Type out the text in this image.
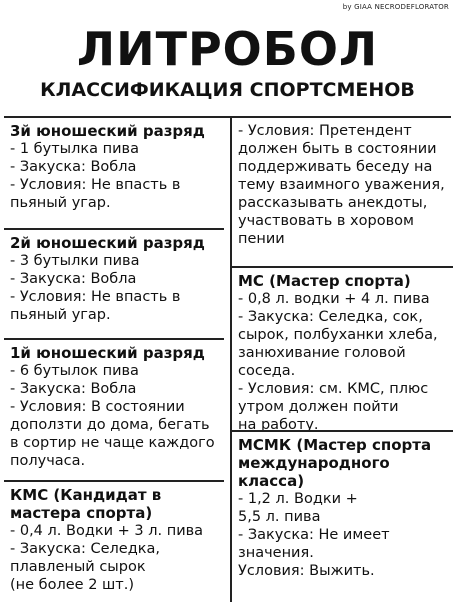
by GIAA NECRODEFLORATOR
ЛИТРОБОЛ
КЛАССИФИКАЦИЯ СПОРТСМЕНОВ
3й юношеский разряд
- 1 бутылка пива
- Закуска: Вобла
- Условия: Не впасть в
пьяный угар.
2й юношеский разряд
- 3 бутылки пива
- Закуска: Вобла
- Условия: Не впасть в
пьяный угар.
1й юношеский разряд
- 6 бутылок пива
- Закуска: Вобла
- Условия: В состоянии
доползти до дома, бегать
в сортир не чаще каждого
получаса.
КМС (Кандидат в
мастера спорта)
- 0,4 л. Водки + 3 л. пива
- Закуска: Селедка,
плавленый сырок
(не более 2 шт.)
- Условия: Претендент
должен быть в состоянии
поддерживать беседу на
тему взаимного уважения,
рассказывать анекдоты,
участвовать в хоровом
пении
МС (Мастер спорта)
- 0,8 л. водки + 4 л. пива
- Закуска: Селедка, сок,
сырок, полбуханки хлеба,
занюхивание головой
соседа.
- Условия: см. КМС, плюс
утром должен пойти
на работу.
МСМК (Мастер спорта
международного
класса)
- 1,2 л. Водки +
5,5 л. пива
- Закуска: Не имеет
значения.
Условия: Выжить.
